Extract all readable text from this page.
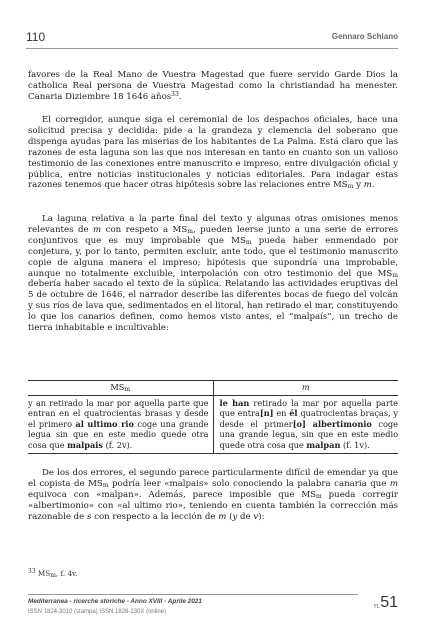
110	Gennaro Schiano

favores de la Real Mano de Vuestra Magestad que fuere servido Garde Dios la catholica Real persona de Vuestra Magestad como la christiandad ha menester. Canaria Diziembre 18 1646 años$^{33}$.

El corregidor, aunque siga el ceremonial de los despachos oficiales, hace una solicitud precisa y decidida: pide a la grandeza y clemencia del soberano que dispenga ayudas para las miserias de los habitantes de La Palma. Está claro que las razones de esta laguna son las que nos interesan en tanto en cuanto son un valioso testimonio de las conexiones entre manuscrito e impreso, entre divulgación oficial y pública, entre noticias institucionales y noticias editoriales. Para indagar estas razones tenemos que hacer otras hipótesis sobre las relaciones entre $MS_m$ y m.

La laguna relativa a la parte final del texto y algunas otras omisiones menos relevantes de m con respeto a $MS_m$, pueden leerse junto a una serie de errores conjuntivos que es muy improbable que $MS_m$ pueda haber enmendado por conjetura, y, por lo tanto, permiten excluir, ante todo, que el testimonio manuscrito copie de alguna manera el impreso; hipótesis que supondría una improbable, aunque no totalmente excluible, interpolación con otro testimonio del que $MS_m$ debería haber sacado el texto de la súplica. Relatando las actividades eruptivas del 5 de octubre de 1646, el narrador describe las diferentes bocas de fuego del volcán y sus ríos de lava que, sedimentados en el litoral, han retirado el mar, constituyendo lo que los canarios definen, como hemos visto antes, el “malpaís”, un trecho de tierra inhabitable e incultivable:

$MS_m$	m
y an retirado la mar por aquella parte que entran en el quatrocientas brasas y desde el primero al ultimo rio coge una grande legua sin que en este medio quede otra cosa que malpais (f. 2v).	le han retirado la mar por aquella parte que entra[n] en él quatrocientas braças, y desde el primer[o] albertimonio coge una grande legua, sin que en este medio quede otra cosa que malpan (f. 1v).

De los dos errores, el segundo parece particularmente difícil de emendar ya que el copista de $MS_m$ podría leer «malpais» solo conociendo la palabra canaria que m equivoca con «malpan». Además, parece imposible que $MS_m$ pueda corregir «albertimonio» con «al ultimo rio», teniendo en cuenta también la corrección más razonable de s con respecto a la lección de m (y de v):

$^{33}$ $MS_m$, f. 4v.
Mediterranea - ricerche storiche - Anno XVIII - Aprile 2021
ISSN 1824-3010 (stampa) ISSN 1828-230X (online)
n. 51
